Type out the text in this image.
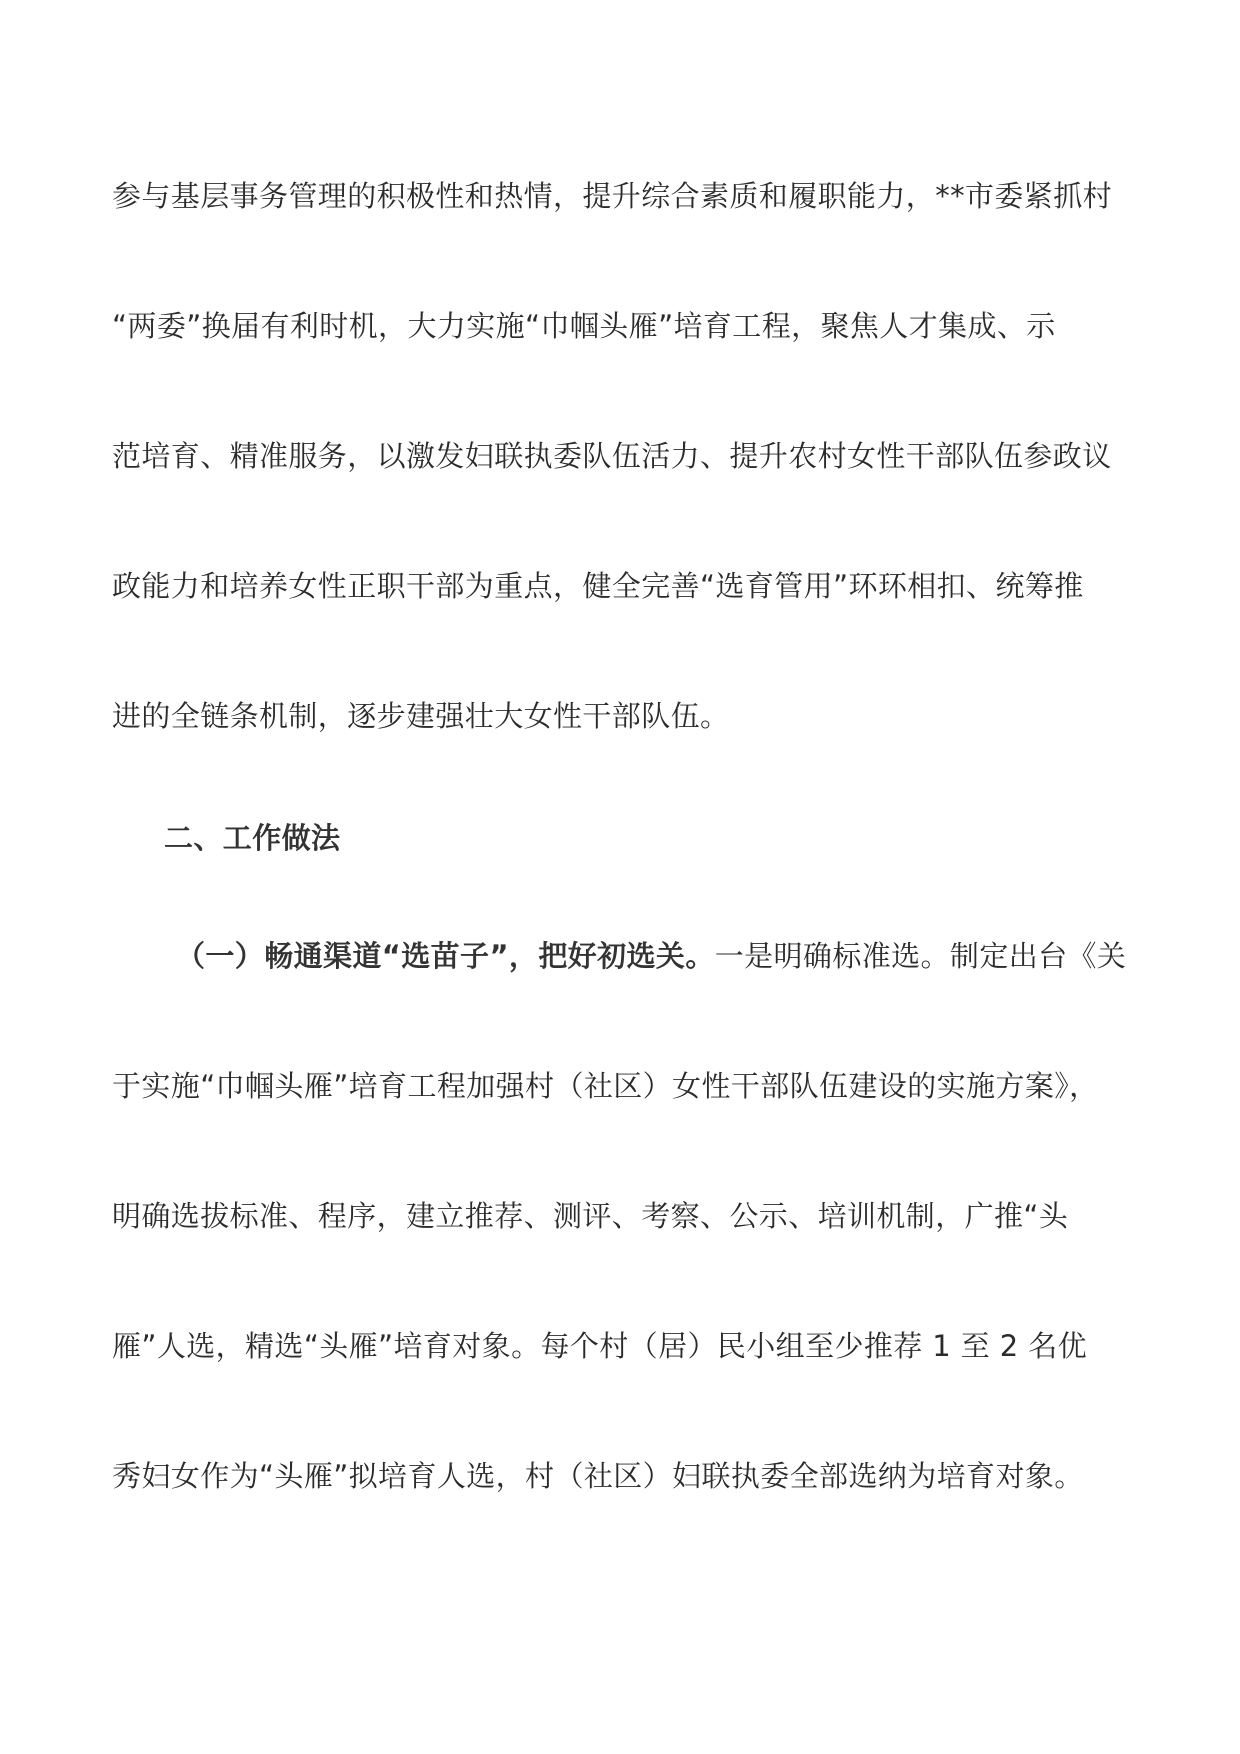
参与基层事务管理的积极性和热情，提升综合素质和履职能力，**市委紧抓村
“两委”换届有利时机，大力实施“巾帼头雁”培育工程，聚焦人才集成、示
范培育、精准服务，以激发妇联执委队伍活力、提升农村女性干部队伍参政议
政能力和培养女性正职干部为重点，健全完善“选育管用”环环相扣、统筹推
进的全链条机制，逐步建强壮大女性干部队伍。
二、工作做法
（一）畅通渠道“选苗子”，把好初选关。一是明确标准选。制定出台《关
于实施“巾帼头雁”培育工程加强村（社区）女性干部队伍建设的实施方案》，
明确选拔标准、程序，建立推荐、测评、考察、公示、培训机制，广推“头
雁”人选，精选“头雁”培育对象。每个村（居）民小组至少推荐 1 至 2 名优
秀妇女作为“头雁”拟培育人选，村（社区）妇联执委全部选纳为培育对象。
